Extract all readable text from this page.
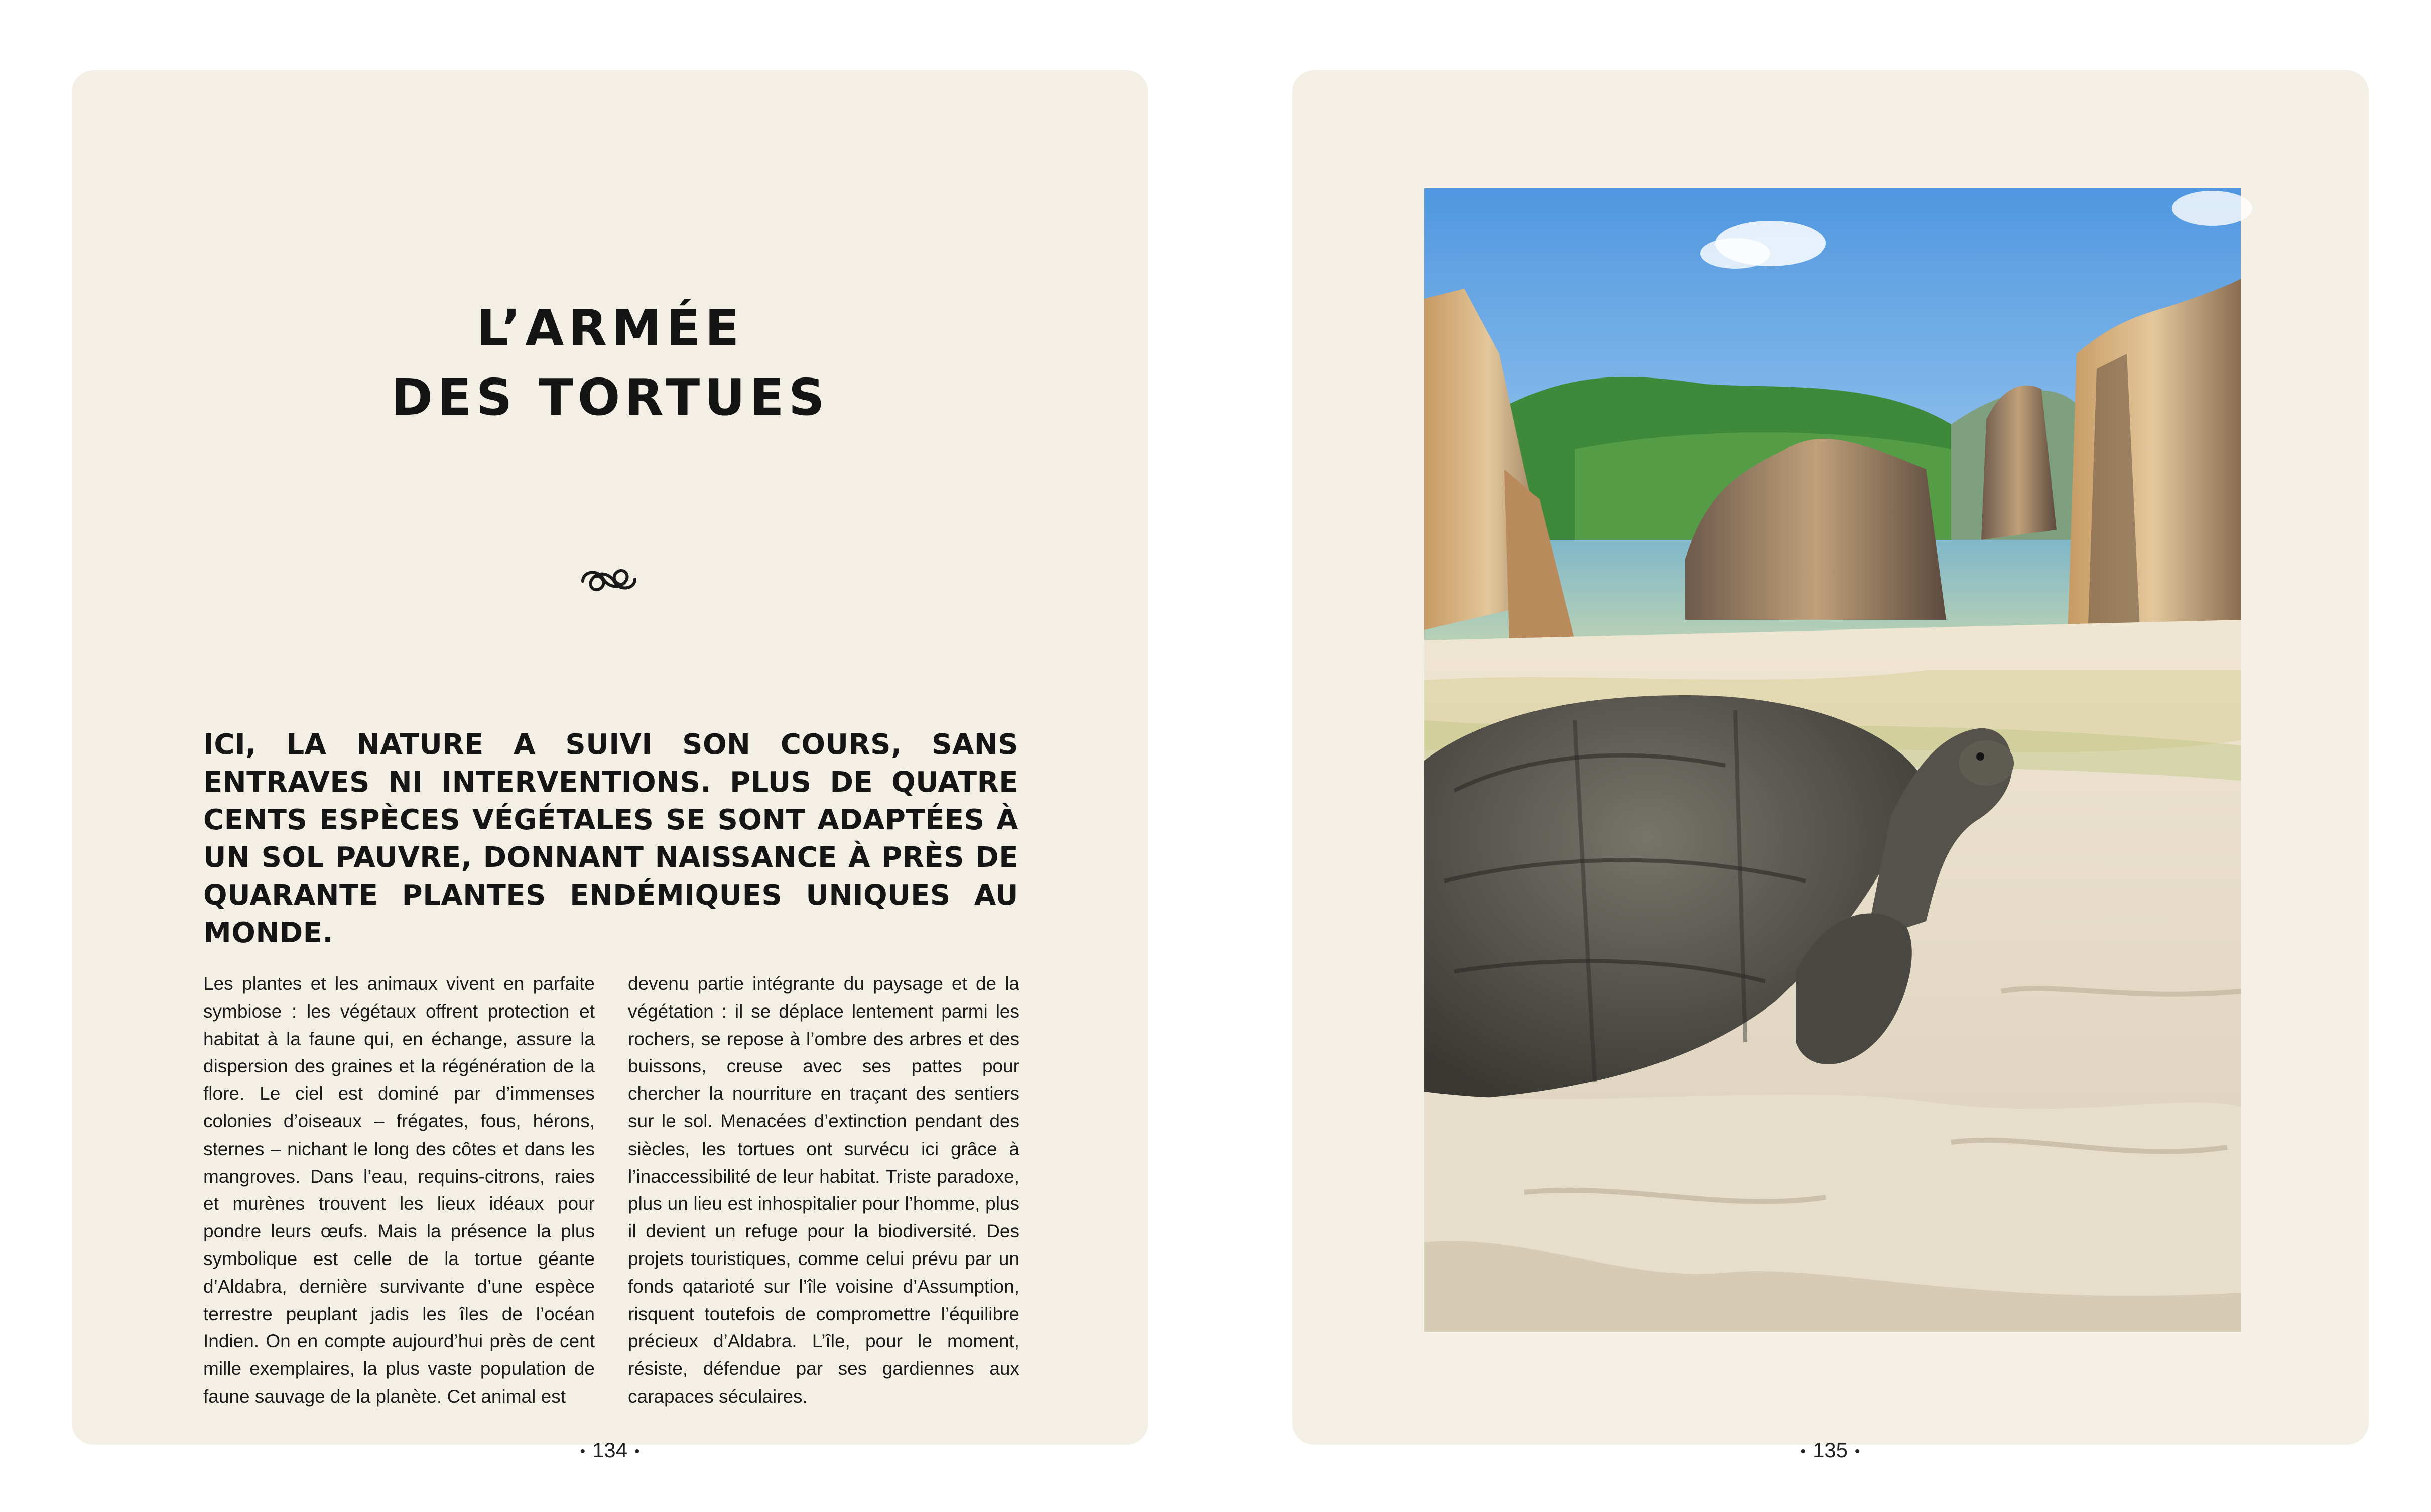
L’ARMÉE
DES TORTUES
ICI, LA NATURE A SUIVI SON COURS, SANS ENTRAVES NI INTERVENTIONS. PLUS DE QUATRE CENTS ESPÈCES VÉGÉTALES SE SONT ADAPTÉES À UN SOL PAUVRE, DONNANT NAISSANCE À PRÈS DE QUARANTE PLANTES ENDÉMIQUES UNIQUES AU MONDE.
Les plantes et les animaux vivent en parfaite symbiose : les végétaux offrent protection et habitat à la faune qui, en échange, assure la dispersion des graines et la régénération de la flore. Le ciel est dominé par d’immenses colonies d’oiseaux – frégates, fous, hérons, sternes – nichant le long des côtes et dans les mangroves. Dans l’eau, requins-citrons, raies et murènes trouvent les lieux idéaux pour pondre leurs œufs. Mais la présence la plus symbolique est celle de la tortue géante d’Aldabra, dernière survivante d’une espèce terrestre peuplant jadis les îles de l’océan Indien. On en compte aujourd’hui près de cent mille exemplaires, la plus vaste population de faune sauvage de la planète. Cet animal est
devenu partie intégrante du paysage et de la végétation : il se déplace lentement parmi les rochers, se repose à l’ombre des arbres et des buissons, creuse avec ses pattes pour chercher la nourriture en traçant des sentiers sur le sol. Menacées d’extinction pendant des siècles, les tortues ont survécu ici grâce à l’inaccessibilité de leur habitat. Triste paradoxe, plus un lieu est inhospitalier pour l’homme, plus il devient un refuge pour la biodiversité. Des projets touristiques, comme celui prévu par un fonds qatarioté sur l’île voisine d’Assumption, risquent toutefois de compromettre l’équilibre précieux d’Aldabra. L’île, pour le moment, résiste, défendue par ses gardiennes aux carapaces séculaires.
• 134 •	• 135 •
